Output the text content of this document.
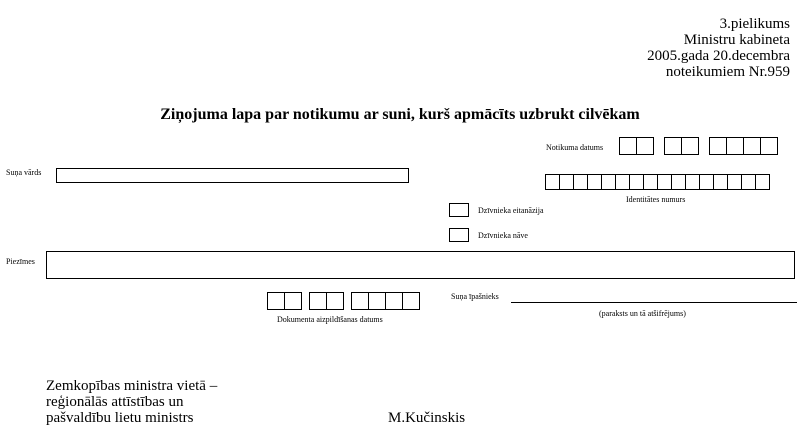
3.pielikums
Ministru kabineta
2005.gada 20.decembra
noteikumiem Nr.959
Ziņojuma lapa par notikumu ar suni, kurš apmācīts uzbrukt cilvēkam
Notikuma datums
Suņa vārds
Identitātes numurs
Dzīvnieka eitanāzija
Dzīvnieka nāve
Piezīmes
Dokumenta aizpildīšanas datums
Suņa īpašnieks
(paraksts un tā atšifrējums)
Zemkopības ministra vietā –
reģionālās attīstības un
pašvaldību lietu ministrs	M.Kučinskis
